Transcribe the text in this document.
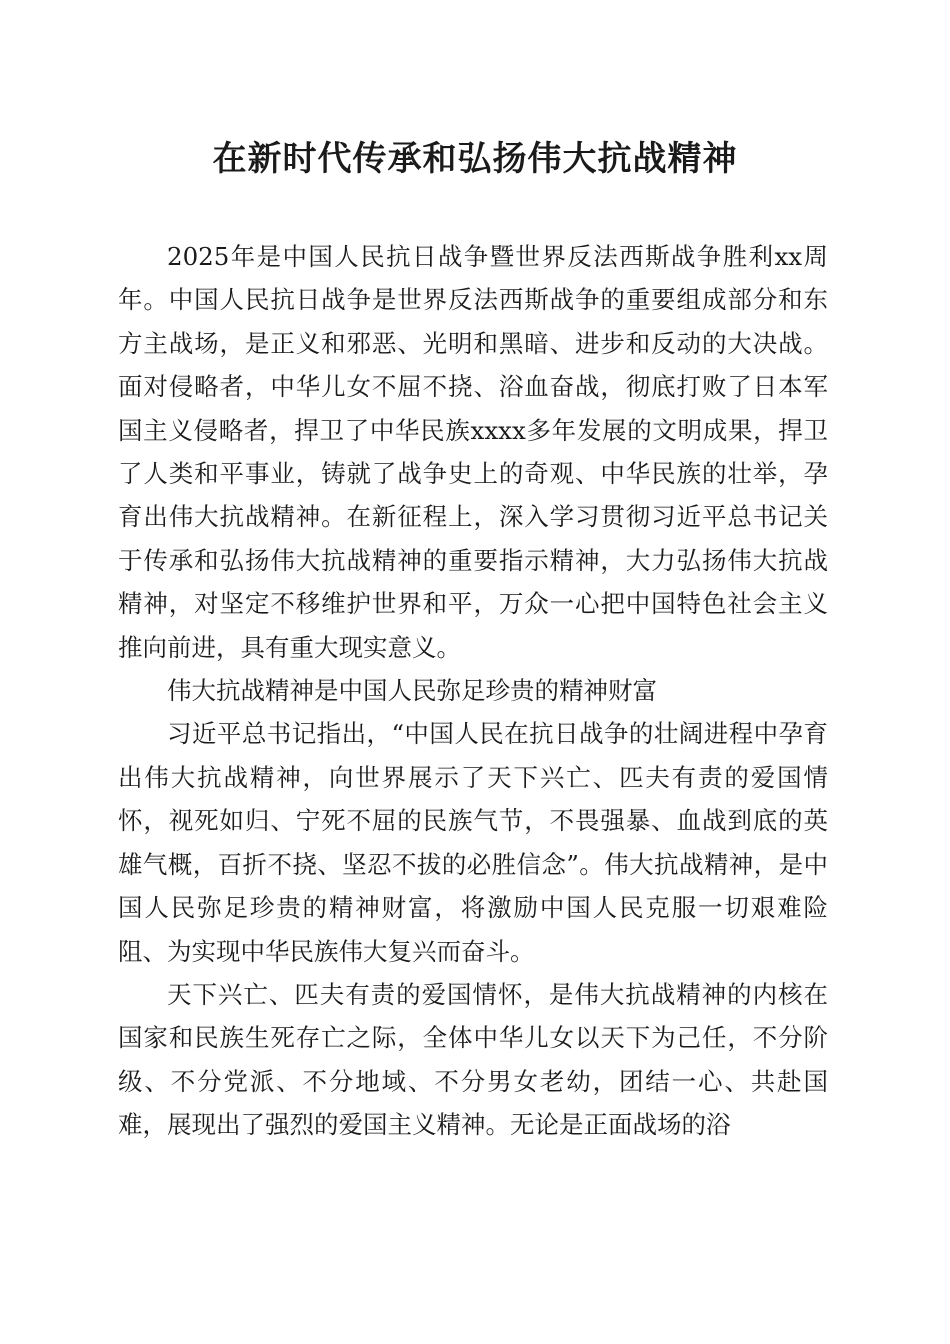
在新时代传承和弘扬伟大抗战精神

2025年是中国人民抗日战争暨世界反法西斯战争胜利xx周年。中国人民抗日战争是世界反法西斯战争的重要组成部分和东方主战场，是正义和邪恶、光明和黑暗、进步和反动的大决战。面对侵略者，中华儿女不屈不挠、浴血奋战，彻底打败了日本军国主义侵略者，捍卫了中华民族xxxx多年发展的文明成果，捍卫了人类和平事业，铸就了战争史上的奇观、中华民族的壮举，孕育出伟大抗战精神。在新征程上，深入学习贯彻习近平总书记关于传承和弘扬伟大抗战精神的重要指示精神，大力弘扬伟大抗战精神，对坚定不移维护世界和平，万众一心把中国特色社会主义推向前进，具有重大现实意义。

伟大抗战精神是中国人民弥足珍贵的精神财富

习近平总书记指出，“中国人民在抗日战争的壮阔进程中孕育出伟大抗战精神，向世界展示了天下兴亡、匹夫有责的爱国情怀，视死如归、宁死不屈的民族气节，不畏强暴、血战到底的英雄气概，百折不挠、坚忍不拔的必胜信念”。伟大抗战精神，是中国人民弥足珍贵的精神财富，将激励中国人民克服一切艰难险阻、为实现中华民族伟大复兴而奋斗。

天下兴亡、匹夫有责的爱国情怀，是伟大抗战精神的内核在国家和民族生死存亡之际，全体中华儿女以天下为己任，不分阶级、不分党派、不分地域、不分男女老幼，团结一心、共赴国难，展现出了强烈的爱国主义精神。无论是正面战场的浴
